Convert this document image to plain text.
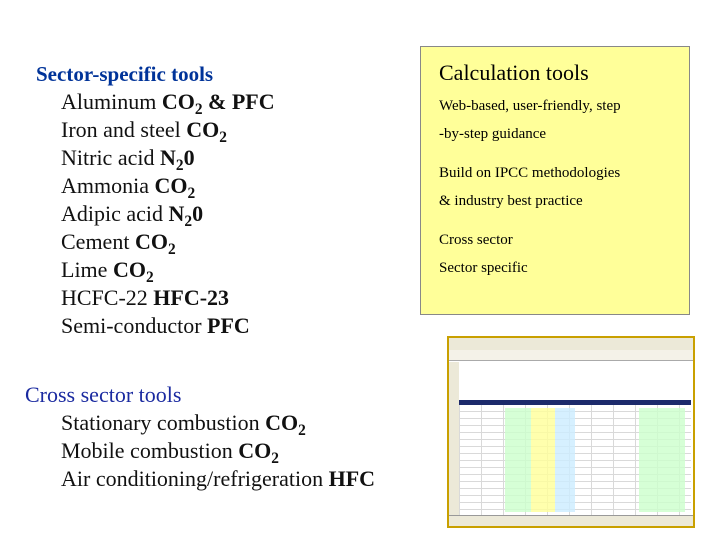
Sector-specific tools
Aluminum $CO_2$ & PFC
Iron and steel $CO_2$
Nitric acid $N_20$
Ammonia $CO_2$
Adipic acid $N_20$
Cement $CO_2$
Lime $CO_2$
HCFC-22 HFC-23
Semi-conductor PFC
Cross sector tools
Stationary combustion $CO_2$
Mobile combustion $CO_2$
Air conditioning/refrigeration HFC
Calculation tools
Web-based, user-friendly, step
-by-step guidance
Build on IPCC methodologies
& industry best practice
Cross sector
Sector specific
